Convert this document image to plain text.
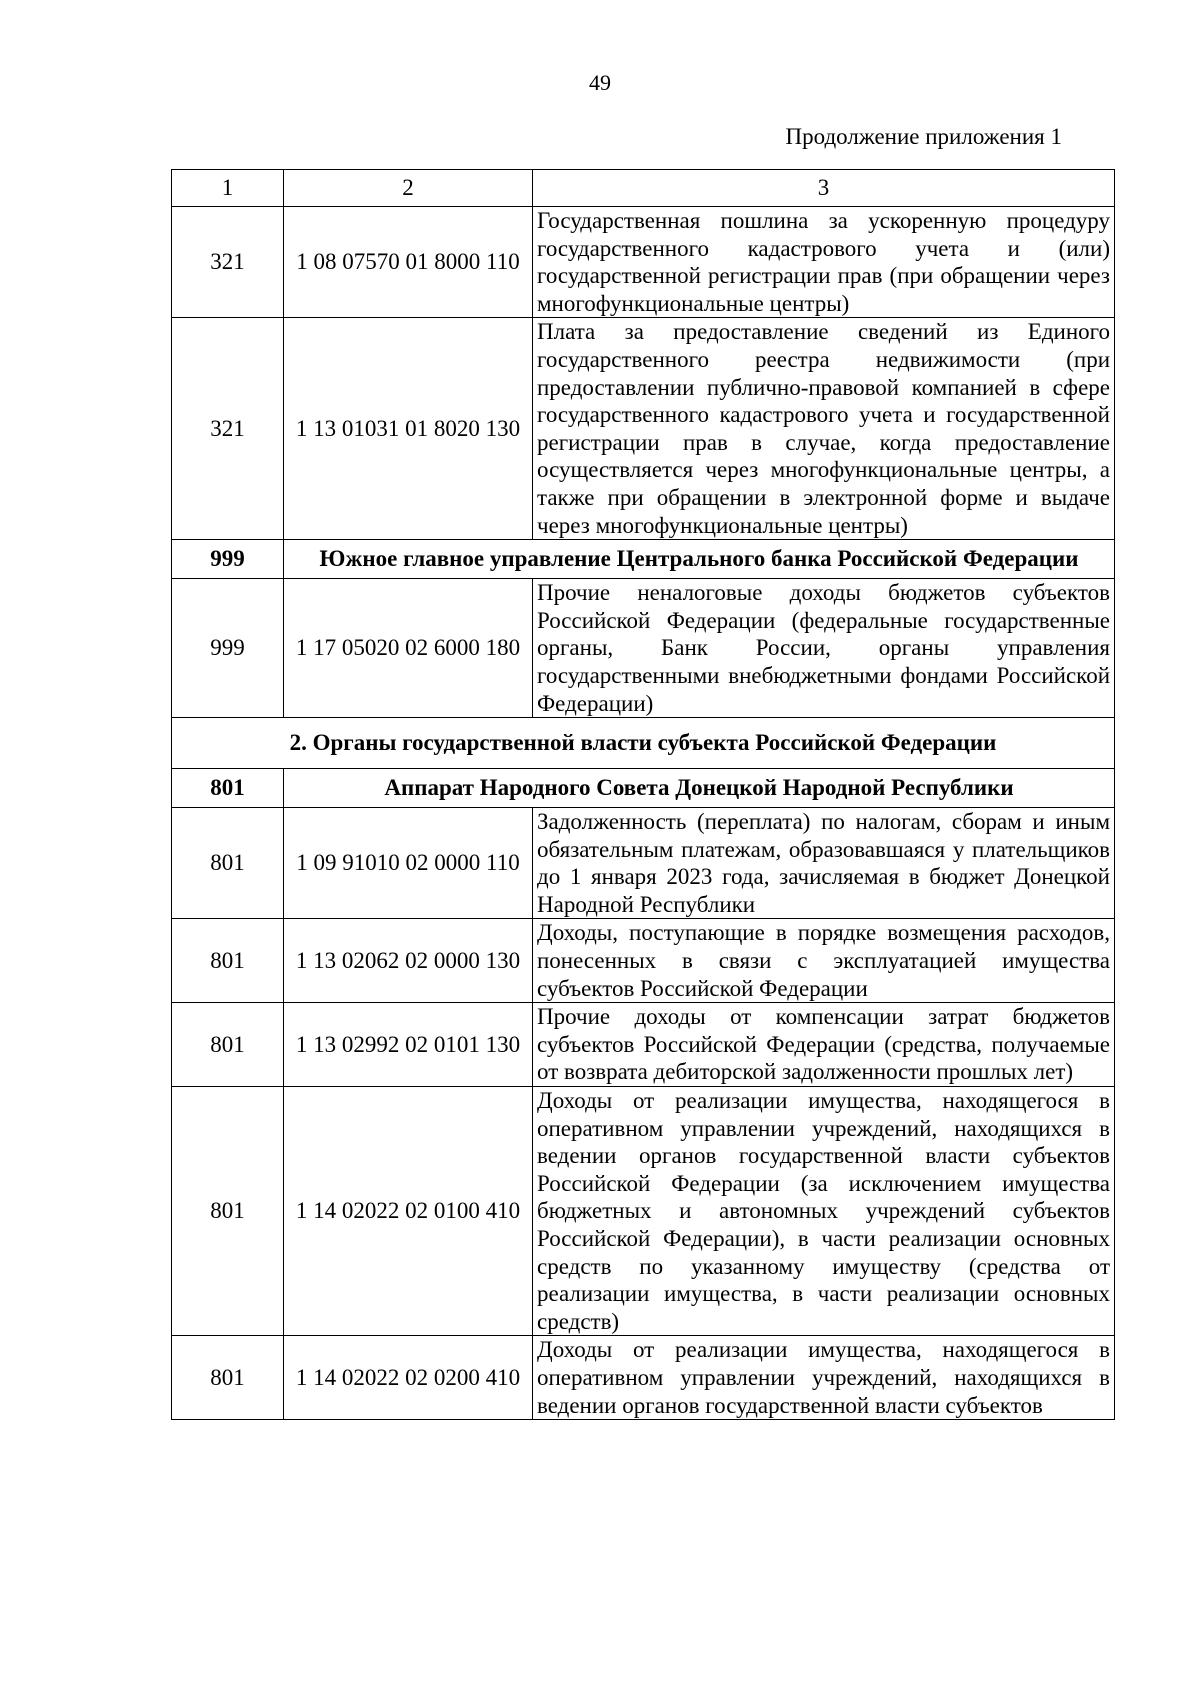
49
Продолжение приложения 1
1	2	3
321	1 08 07570 01 8000 110	Государственная пошлина за ускоренную процедуру государственного кадастрового учета и (или) государственной регистрации прав (при обращении через многофункциональные центры)
321	1 13 01031 01 8020 130	Плата за предоставление сведений из Единого государственного реестра недвижимости (при предоставлении публично-правовой компанией в сфере государственного кадастрового учета и государственной регистрации прав в случае, когда предоставление осуществляется через многофункциональные центры, а также при обращении в электронной форме и выдаче через многофункциональные центры)
999	Южное главное управление Центрального банка Российской Федерации	
999	1 17 05020 02 6000 180	Прочие неналоговые доходы бюджетов субъектов Российской Федерации (федеральные государственные органы, Банк России, органы управления государственными внебюджетными фондами Российской Федерации)
2. Органы государственной власти субъекта Российской Федерации		
801	Аппарат Народного Совета Донецкой Народной Республики	
801	1 09 91010 02 0000 110	Задолженность (переплата) по налогам, сборам и иным обязательным платежам, образовавшаяся у плательщиков до 1 января 2023 года, зачисляемая в бюджет Донецкой Народной Республики
801	1 13 02062 02 0000 130	Доходы, поступающие в порядке возмещения расходов, понесенных в связи с эксплуатацией имущества субъектов Российской Федерации
801	1 13 02992 02 0101 130	Прочие доходы от компенсации затрат бюджетов субъектов Российской Федерации (средства, получаемые от возврата дебиторской задолженности прошлых лет)
801	1 14 02022 02 0100 410	Доходы от реализации имущества, находящегося в оперативном управлении учреждений, находящихся в ведении органов государственной власти субъектов Российской Федерации (за исключением имущества бюджетных и автономных учреждений субъектов Российской Федерации), в части реализации основных средств по указанному имуществу (средства от реализации имущества, в части реализации основных средств)
801	1 14 02022 02 0200 410	Доходы от реализации имущества, находящегося в оперативном управлении учреждений, находящихся в ведении органов государственной власти субъектов
